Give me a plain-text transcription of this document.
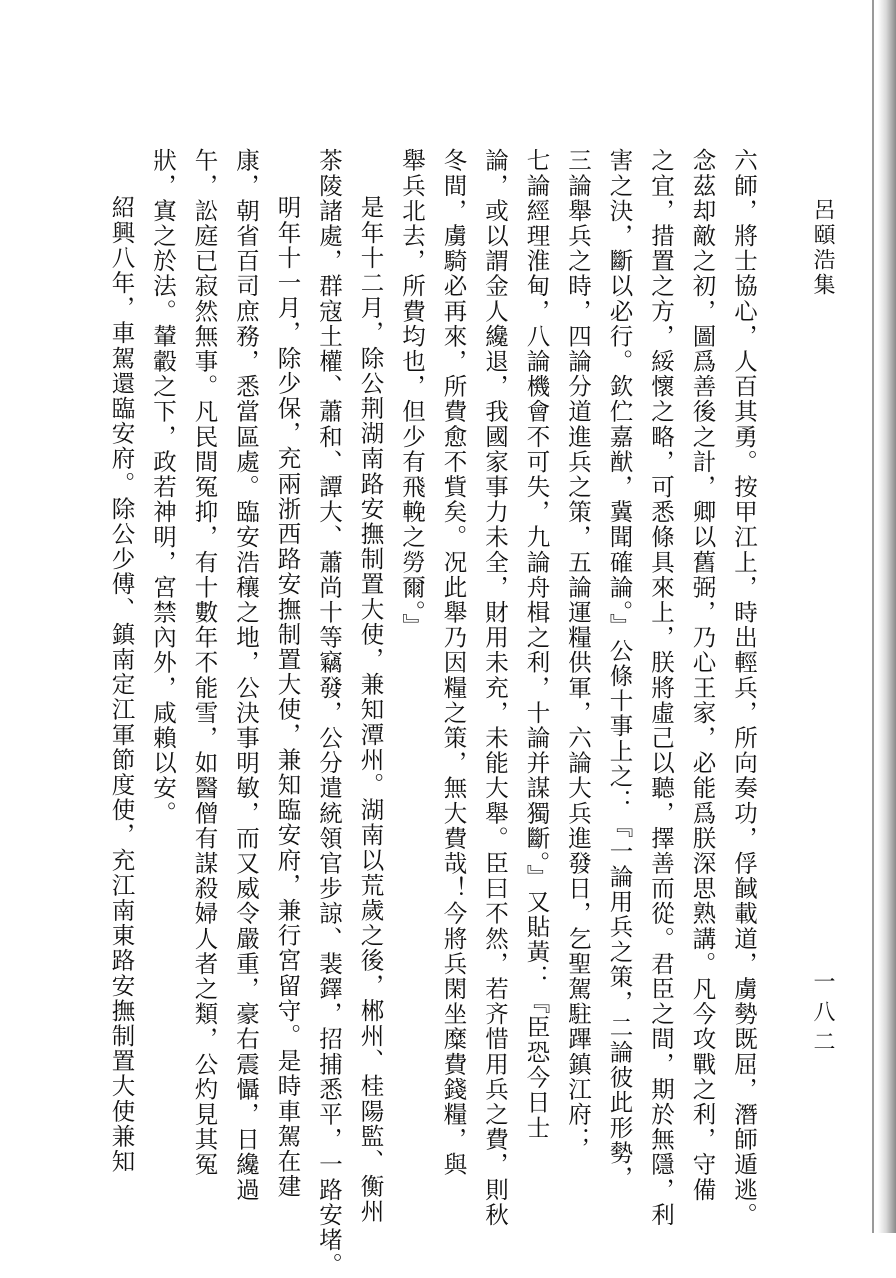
呂頤浩集
一八二
六師，將士協心，人百其勇。按甲江上，時出輕兵，所向奏功，俘馘載道，虜勢既屈，潛師遁逃。
念茲却敵之初，圖爲善後之計，卿以舊弼，乃心王家，必能爲朕深思熟講。凡今攻戰之利，守備
之宜，措置之方，綏懷之略，可悉條具來上，朕將虛己以聽，擇善而從。君臣之間，期於無隱，利
害之決，斷以必行。欽伫嘉猷，冀聞確論。』公條十事上之：『一論用兵之策，二論彼此形勢，
三論舉兵之時，四論分道進兵之策，五論運糧供軍，六論大兵進發日，乞聖駕駐蹕鎮江府；
七論經理淮甸，八論機會不可失，九論舟楫之利，十論并謀獨斷。』又貼黃：『臣恐今日士
論，或以謂金人纔退，我國家事力未全，財用未充，未能大舉。臣曰不然，若齐惜用兵之費，則秋
冬間，虜騎必再來，所費愈不貲矣。况此舉乃因糧之策，無大費哉！今將兵閑坐糜費錢糧，與
舉兵北去，所費均也，但少有飛輓之勞爾。』
是年十二月，除公荆湖南路安撫制置大使，兼知潭州。湖南以荒歲之後，郴州、桂陽監、衡州
茶陵諸處，群寇土權、蕭和、譚大、蕭尚十等竊發，公分遣統領官步諒、裴鐸，招捕悉平，一路安堵。
明年十一月，除少保，充兩浙西路安撫制置大使，兼知臨安府，兼行宮留守。是時車駕在建
康，朝省百司庶務，悉當區處。臨安浩穰之地，公決事明敏，而又威令嚴重，豪右震懾，日纔過
午，訟庭已寂然無事。凡民間冤抑，有十數年不能雪，如醫僧有謀殺婦人者之類，公灼見其冤
狀，寘之於法。輦轂之下，政若神明，宮禁內外，咸賴以安。
紹興八年，車駕還臨安府。除公少傅、鎮南定江軍節度使，充江南東路安撫制置大使兼知
